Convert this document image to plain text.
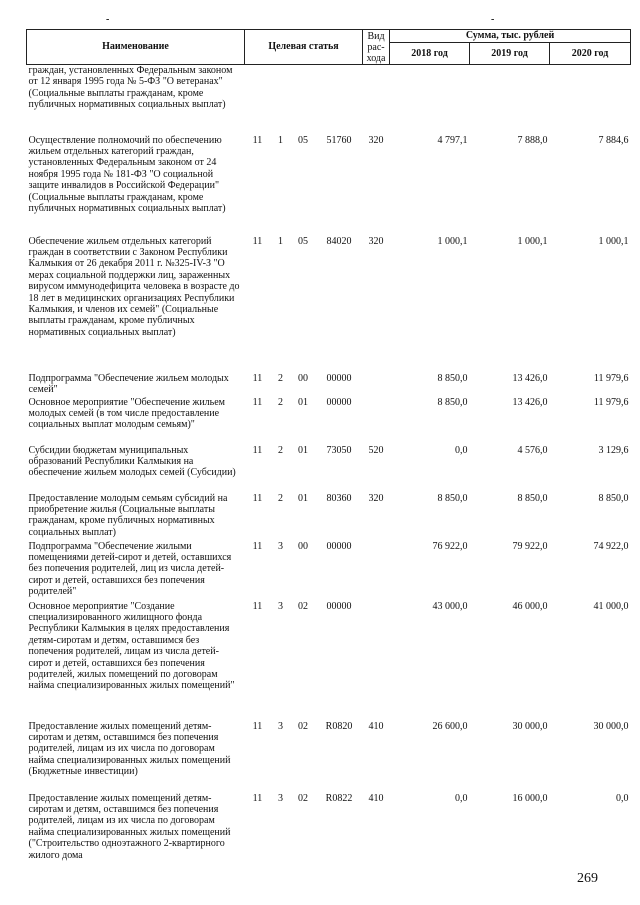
-	-
Наименование	Целевая статья				Вид рас-хода	Сумма, тыс. рублей		
						2018 год	2019 год	2020 год
граждан, установленных Федеральным законом от 12 января 1995 года № 5-ФЗ "О ветеранах" (Социальные выплаты гражданам, кроме публичных нормативных социальных выплат)								
Осуществление полномочий по обеспечению жильем отдельных категорий граждан, установленных Федеральным законом от 24 ноября 1995 года № 181-ФЗ "О социальной защите инвалидов в Российской Федерации" (Социальные выплаты гражданам, кроме публичных нормативных социальных выплат)	11	1	05	51760	320	4 797,1	7 888,0	7 884,6
Обеспечение жильем отдельных категорий граждан в соответствии с Законом Республики Калмыкия от 26 декабря 2011 г. №325-IV-З "О мерах социальной поддержки лиц, зараженных вирусом иммунодефицита человека в возрасте до 18 лет в медицинских организациях Республики Калмыкия, и членов их семей" (Социальные выплаты гражданам, кроме публичных нормативных социальных выплат)	11	1	05	84020	320	1 000,1	1 000,1	1 000,1
Подпрограмма "Обеспечение жильем молодых семей"	11	2	00	00000		8 850,0	13 426,0	11 979,6
Основное мероприятие "Обеспечение жильем молодых семей (в том числе предоставление социальных выплат молодым семьям)"	11	2	01	00000		8 850,0	13 426,0	11 979,6
Субсидии бюджетам муниципальных образований Республики Калмыкия на обеспечение жильем молодых семей (Субсидии)	11	2	01	73050	520	0,0	4 576,0	3 129,6
Предоставление молодым семьям субсидий на приобретение жилья (Социальные выплаты гражданам, кроме публичных нормативных социальных выплат)	11	2	01	80360	320	8 850,0	8 850,0	8 850,0
Подпрограмма "Обеспечение жилыми помещениями детей-сирот и детей, оставшихся без попечения родителей, лиц из числа детей-сирот и детей, оставшихся без попечения родителей"	11	3	00	00000		76 922,0	79 922,0	74 922,0
Основное мероприятие "Создание специализированного жилищного фонда Республики Калмыкия в целях предоставления детям-сиротам и детям, оставшимся без попечения родителей, лицам из числа детей-сирот и детей, оставшихся без попечения родителей, жилых помещений по договорам найма специализированных жилых помещений"	11	3	02	00000		43 000,0	46 000,0	41 000,0
Предоставление жилых помещений детям-сиротам и детям, оставшимся без попечения родителей, лицам из их числа по договорам найма специализированных жилых помещений (Бюджетные инвестиции)	11	3	02	R0820	410	26 600,0	30 000,0	30 000,0
Предоставление жилых помещений детям-сиротам и детям, оставшимся без попечения родителей, лицам из их числа по договорам найма специализированных жилых помещений ("Строительство одноэтажного 2-квартирного жилого дома	11	3	02	R0822	410	0,0	16 000,0	0,0
269
